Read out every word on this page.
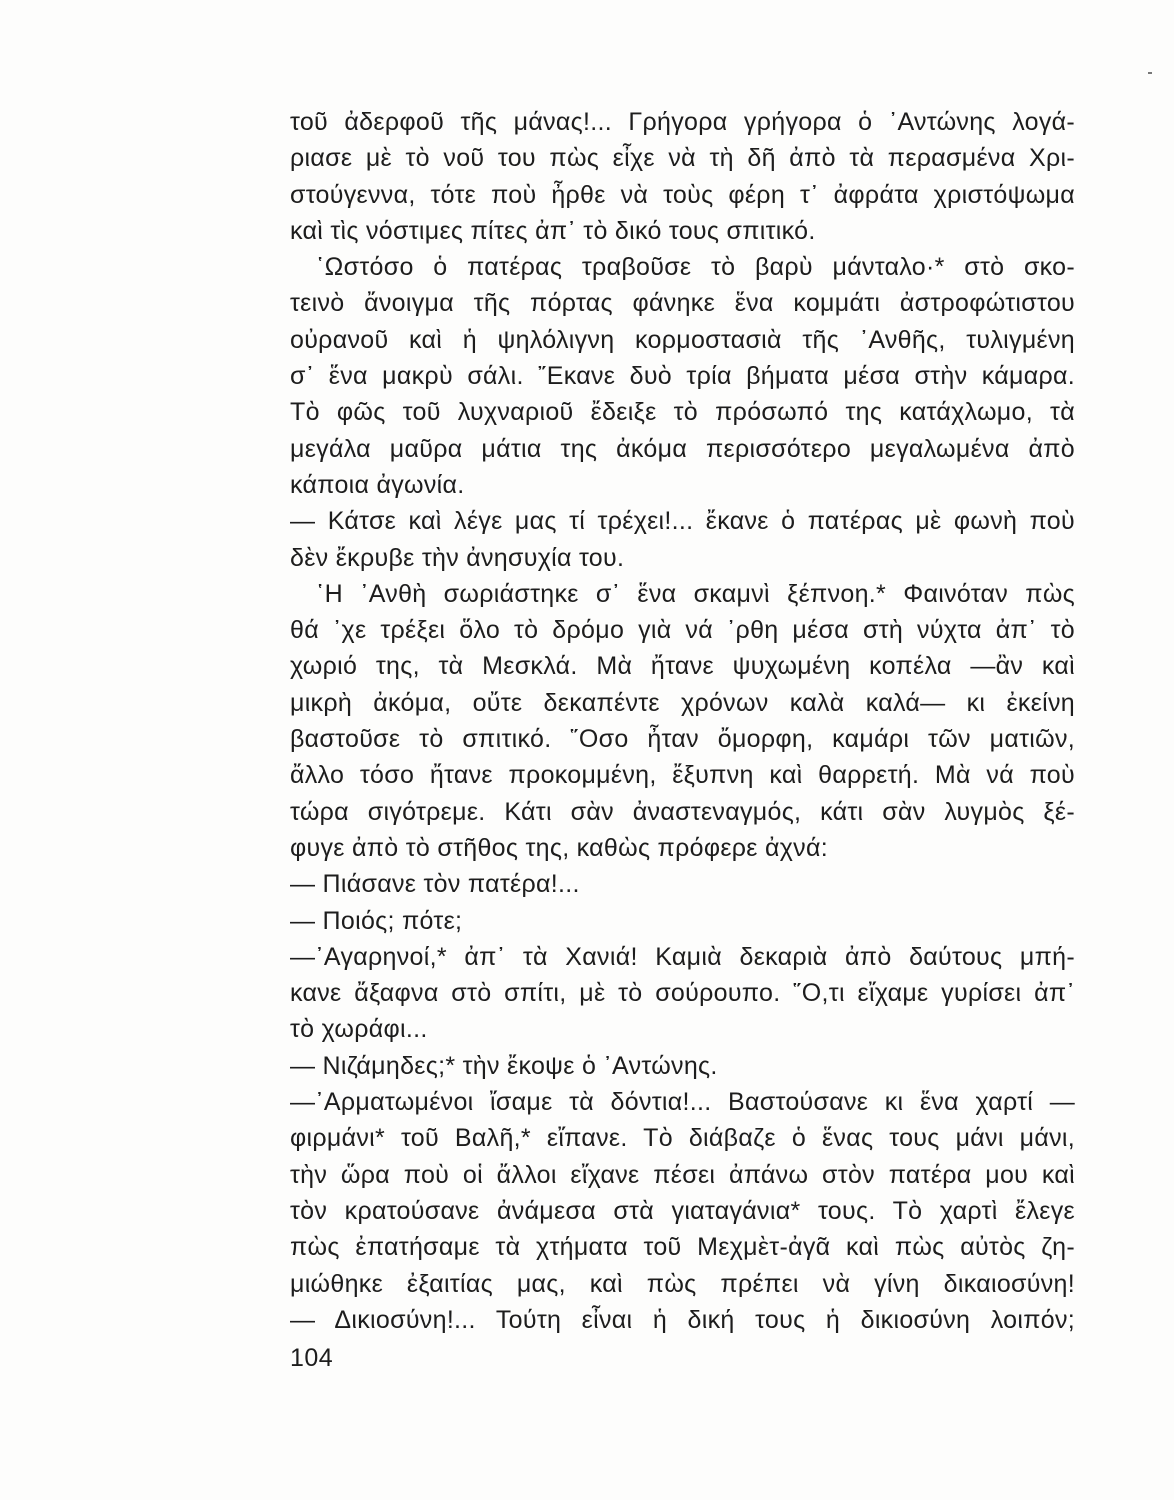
τοῦ ἀδερφοῦ τῆς μάνας!... Γρήγορα γρήγορα ὁ ᾿Αντώνης λογά-
ριασε μὲ τὸ νοῦ του πὼς εἶχε νὰ τὴ δῆ ἀπὸ τὰ περασμένα Χρι-
στούγεννα, τότε ποὺ ἦρθε νὰ τοὺς φέρη τ᾿ ἀφράτα χριστόψωμα
καὶ τὶς νόστιμες πίτες ἀπ᾿ τὸ δικό τους σπιτικό.
῾Ωστόσο ὁ πατέρας τραβοῦσε τὸ βαρὺ μάνταλο·* στὸ σκο-
τεινὸ ἄνοιγμα τῆς πόρτας φάνηκε ἕνα κομμάτι ἀστροφώτιστου
οὐρανοῦ καὶ ἡ ψηλόλιγνη κορμοστασιὰ τῆς ᾿Ανθῆς, τυλιγμένη
σ᾿ ἕνα μακρὺ σάλι. ῎Εκανε δυὸ τρία βήματα μέσα στὴν κάμαρα.
Τὸ φῶς τοῦ λυχναριοῦ ἔδειξε τὸ πρόσωπό της κατάχλωμο, τὰ
μεγάλα μαῦρα μάτια της ἀκόμα περισσότερο μεγαλωμένα ἀπὸ
κάποια ἀγωνία.
— Κάτσε καὶ λέγε μας τί τρέχει!... ἔκανε ὁ πατέρας μὲ φωνὴ ποὺ
δὲν ἔκρυβε τὴν ἀνησυχία του.
῾Η ᾿Ανθὴ σωριάστηκε σ᾿ ἕνα σκαμνὶ ξέπνοη.* Φαινόταν πὼς
θά ᾿χε τρέξει ὅλο τὸ δρόμο γιὰ νά ᾿ρθη μέσα στὴ νύχτα ἀπ᾿ τὸ
χωριό της, τὰ Μεσκλά. Μὰ ἤτανε ψυχωμένη κοπέλα —ἂν καὶ
μικρὴ ἀκόμα, οὔτε δεκαπέντε χρόνων καλὰ καλά— κι ἐκείνη
βαστοῦσε τὸ σπιτικό. ῞Οσο ἦταν ὄμορφη, καμάρι τῶν ματιῶν,
ἄλλο τόσο ἤτανε προκομμένη, ἔξυπνη καὶ θαρρετή. Μὰ νά ποὺ
τώρα σιγότρεμε. Κάτι σὰν ἀναστεναγμός, κάτι σὰν λυγμὸς ξέ-
φυγε ἀπὸ τὸ στῆθος της, καθὼς πρόφερε ἀχνά:
— Πιάσανε τὸν πατέρα!...
— Ποιός; πότε;
—᾿Αγαρηνοί,* ἀπ᾿ τὰ Χανιά! Καμιὰ δεκαριὰ ἀπὸ δαύτους μπή-
κανε ἄξαφνα στὸ σπίτι, μὲ τὸ σούρουπο. ῞Ο,τι εἴχαμε γυρίσει ἀπ᾿
τὸ χωράφι...
— Νιζάμηδες;* τὴν ἔκοψε ὁ ᾿Αντώνης.
—᾿Αρματωμένοι ἴσαμε τὰ δόντια!... Βαστούσανε κι ἕνα χαρτί —
φιρμάνι* τοῦ Βαλῆ,* εἴπανε. Τὸ διάβαζε ὁ ἕνας τους μάνι μάνι,
τὴν ὥρα ποὺ οἱ ἄλλοι εἴχανε πέσει ἀπάνω στὸν πατέρα μου καὶ
τὸν κρατούσανε ἀνάμεσα στὰ γιαταγάνια* τους. Τὸ χαρτὶ ἔλεγε
πὼς ἐπατήσαμε τὰ χτήματα τοῦ Μεχμὲτ-ἀγᾶ καὶ πὼς αὐτὸς ζη-
μιώθηκε ἐξαιτίας μας, καὶ πὼς πρέπει νὰ γίνη δικαιοσύνη!
— Δικιοσύνη!... Τούτη εἶναι ἡ δική τους ἡ δικιοσύνη λοιπόν;
104
